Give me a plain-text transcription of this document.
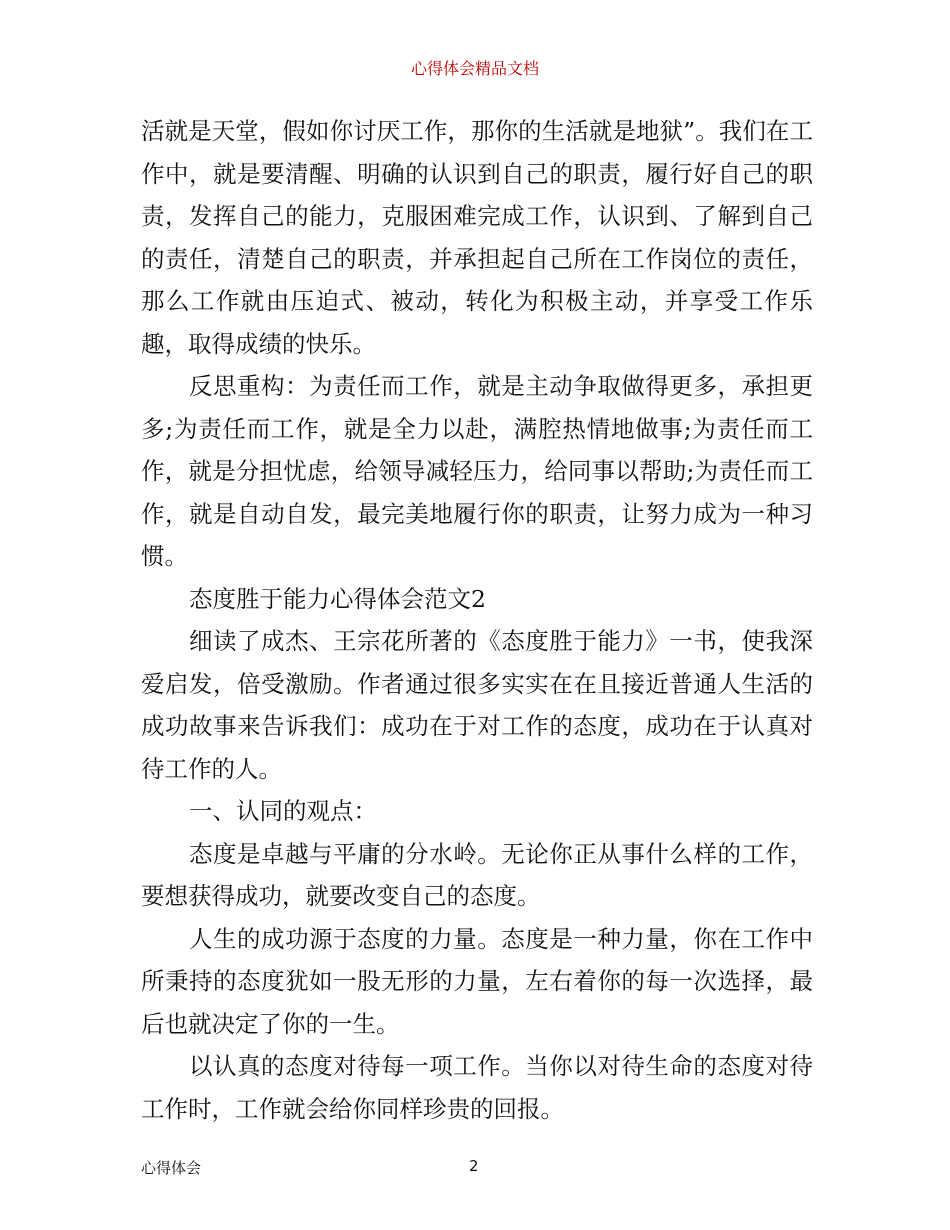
心得体会精品文档

活就是天堂，假如你讨厌工作，那你的生活就是地狱”。我们在工作中，就是要清醒、明确的认识到自己的职责，履行好自己的职责，发挥自己的能力，克服困难完成工作，认识到、了解到自己的责任，清楚自己的职责，并承担起自己所在工作岗位的责任，那么工作就由压迫式、被动，转化为积极主动，并享受工作乐趣，取得成绩的快乐。

反思重构：为责任而工作，就是主动争取做得更多，承担更多;为责任而工作，就是全力以赴，满腔热情地做事;为责任而工作，就是分担忧虑，给领导减轻压力，给同事以帮助;为责任而工作，就是自动自发，最完美地履行你的职责，让努力成为一种习惯。

态度胜于能力心得体会范文2

细读了成杰、王宗花所著的《态度胜于能力》一书，使我深爱启发，倍受激励。作者通过很多实实在在且接近普通人生活的成功故事来告诉我们：成功在于对工作的态度，成功在于认真对待工作的人。

一、认同的观点：

态度是卓越与平庸的分水岭。无论你正从事什么样的工作，要想获得成功，就要改变自己的态度。

人生的成功源于态度的力量。态度是一种力量，你在工作中所秉持的态度犹如一股无形的力量，左右着你的每一次选择，最后也就决定了你的一生。

以认真的态度对待每一项工作。当你以对待生命的态度对待工作时，工作就会给你同样珍贵的回报。

心得体会	2
